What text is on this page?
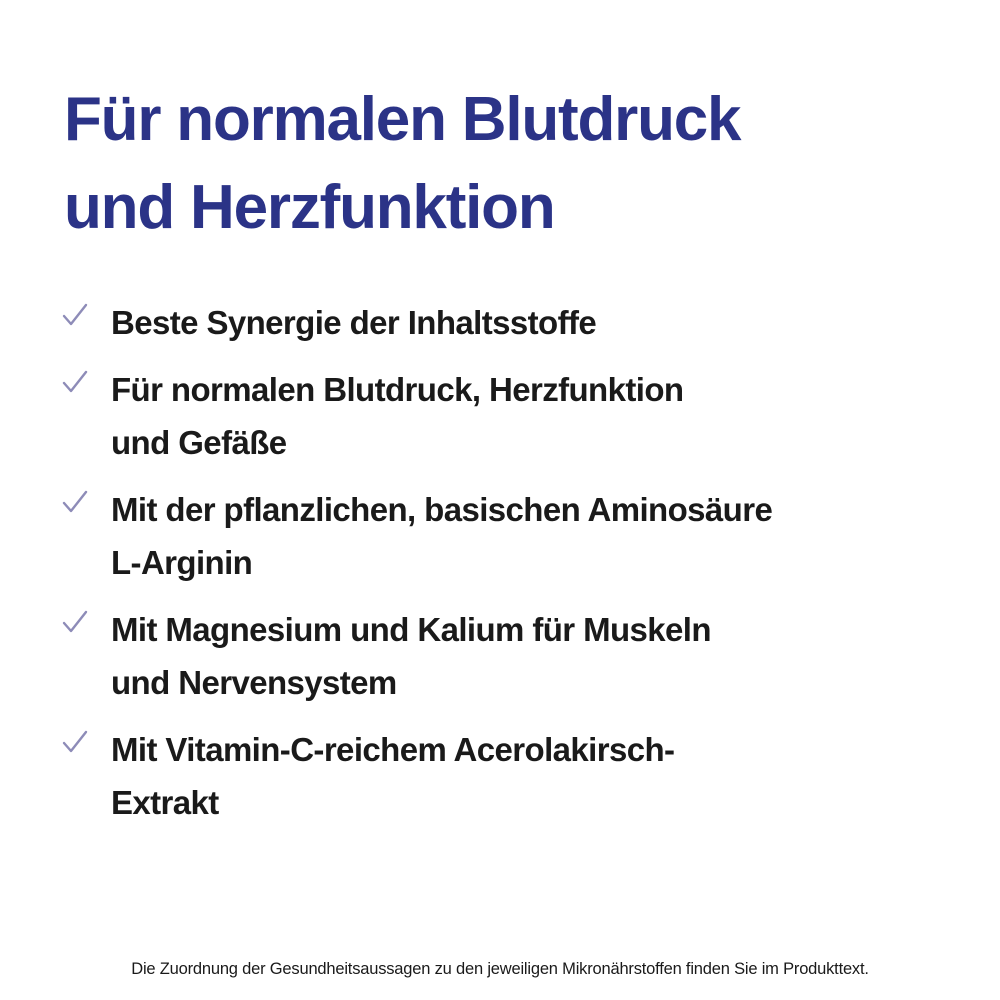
Für normalen Blutdruck
und Herzfunktion
Beste Synergie der Inhaltsstoffe
Für normalen Blutdruck, Herzfunktion
und Gefäße
Mit der pflanzlichen, basischen Aminosäure
L-Arginin
Mit Magnesium und Kalium für Muskeln
und Nervensystem
Mit Vitamin-C-reichem Acerolakirsch-
Extrakt

Die Zuordnung der Gesundheitsaussagen zu den jeweiligen Mikronährstoffen finden Sie im Produkttext.
